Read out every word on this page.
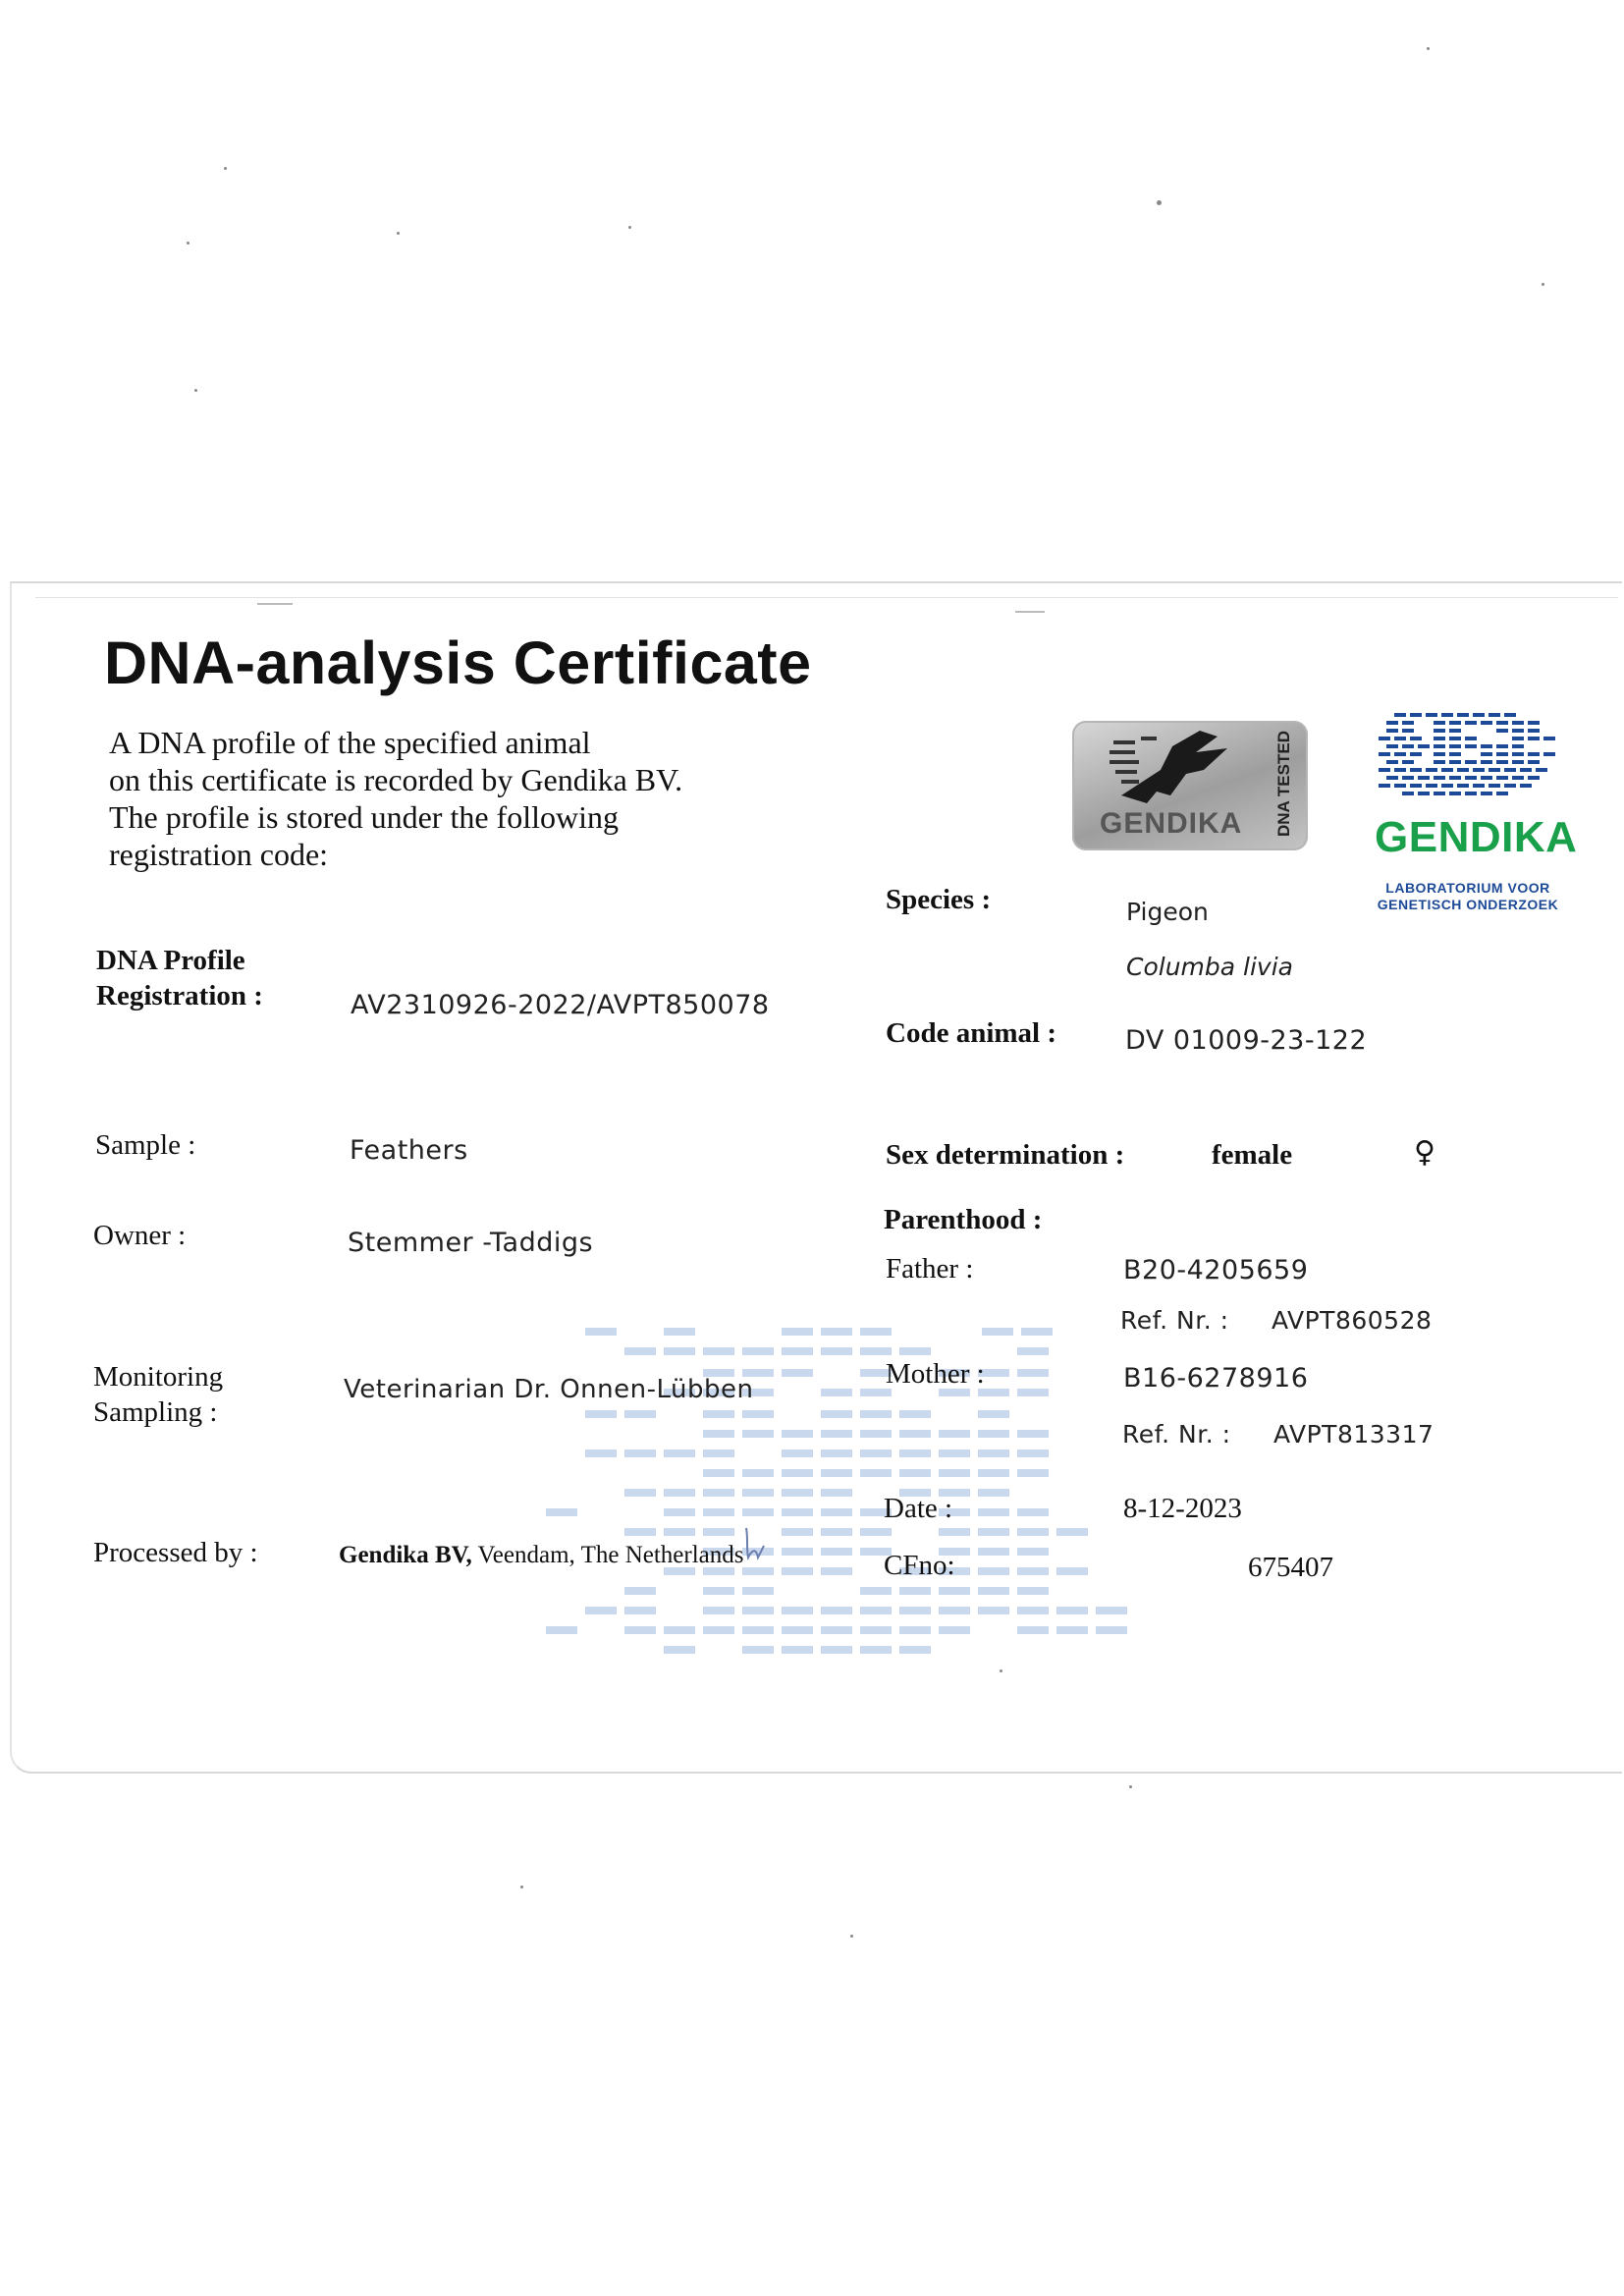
DNA-analysis Certificate
A DNA profile of the specified animal
on this certificate is recorded by Gendika BV.
The profile is stored under the following
registration code:
GENDIKA DNA TESTED
GENDIKA
LABORATORIUM VOOR
GENETISCH ONDERZOEK
DNA Profile
Registration :	AV2310926-2022/AVPT850078
Sample :	Feathers
Owner :	Stemmer -Taddigs
Monitoring
Sampling :
Veterinarian Dr. Onnen-Lübben
Processed by :	Gendika BV, Veendam, The Netherlands
Species :	Pigeon
Columba livia
Code animal :	DV 01009-23-122
Sex determination :	female	♀
Parenthood :
Father :	B20-4205659
Ref. Nr. : AVPT860528
Mother :	B16-6278916
Ref. Nr. : AVPT813317
Date :	8-12-2023
CFno:	675407
